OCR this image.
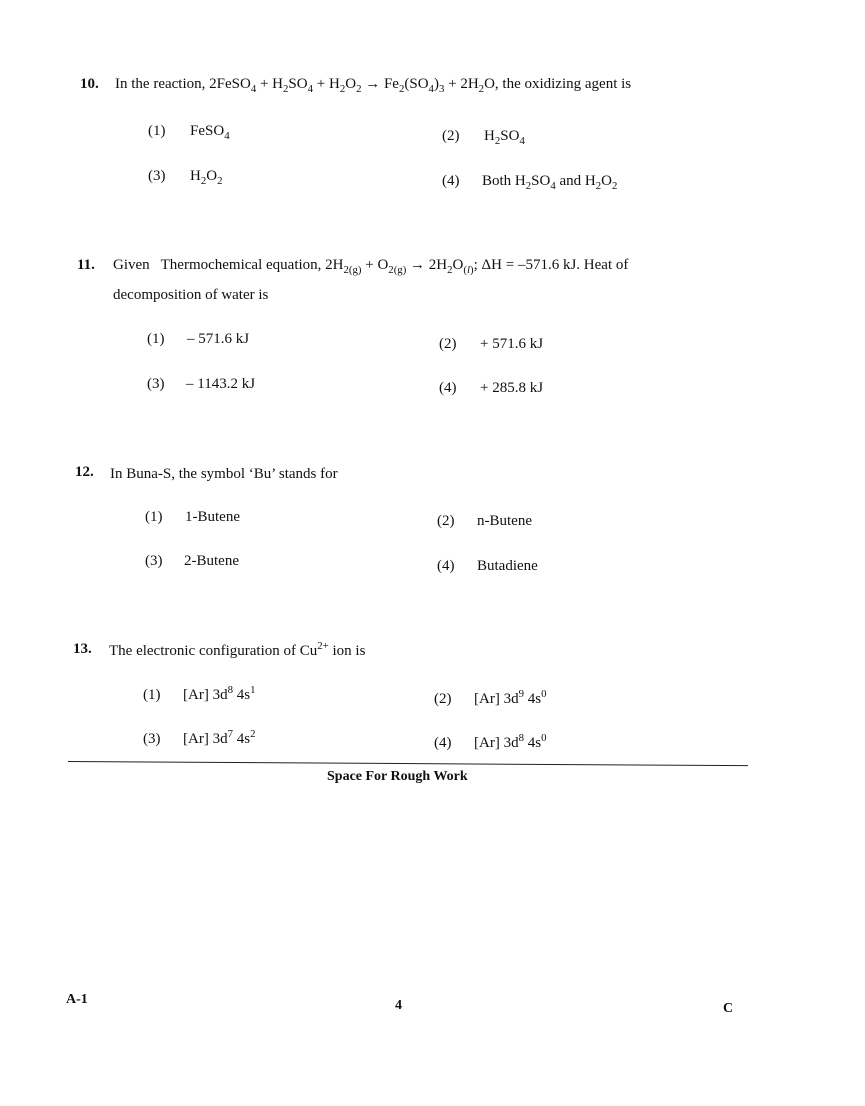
10. In the reaction, 2FeSO$_4$ + $H_2SO_4 + H_2O_2 \to Fe_2(SO_4)_3 + 2H_2O$, the oxidizing agent is
(1) FeSO$_4$	(2) $H_2SO_4$
(3) $H_2O_2$	(4) Both $H_2SO_4$ and $H_2O_2$
11. Given   Thermochemical equation, $2H_{2(g)} + O_{2(g)} \to 2H_2O_{(l)}$; ΔH = –571.6 kJ. Heat of
decomposition of water is
(1) – 571.6 kJ	(2) + 571.6 kJ
(3) – 1143.2 kJ	(4) + 285.8 kJ
12. In Buna-S, the symbol ‘Bu’ stands for
(1) 1-Butene	(2) n-Butene
(3) 2-Butene	(4) Butadiene
13. The electronic configuration of $Cu^{2+}$ ion is
(1) [Ar] $3d^8$ $4s^1$
(2) [Ar] $3d^9$ $4s^0$
(3) [Ar] $3d^7$ $4s^2$
(4) [Ar] $3d^8$ $4s^0$
Space For Rough Work
A-1	4	C
